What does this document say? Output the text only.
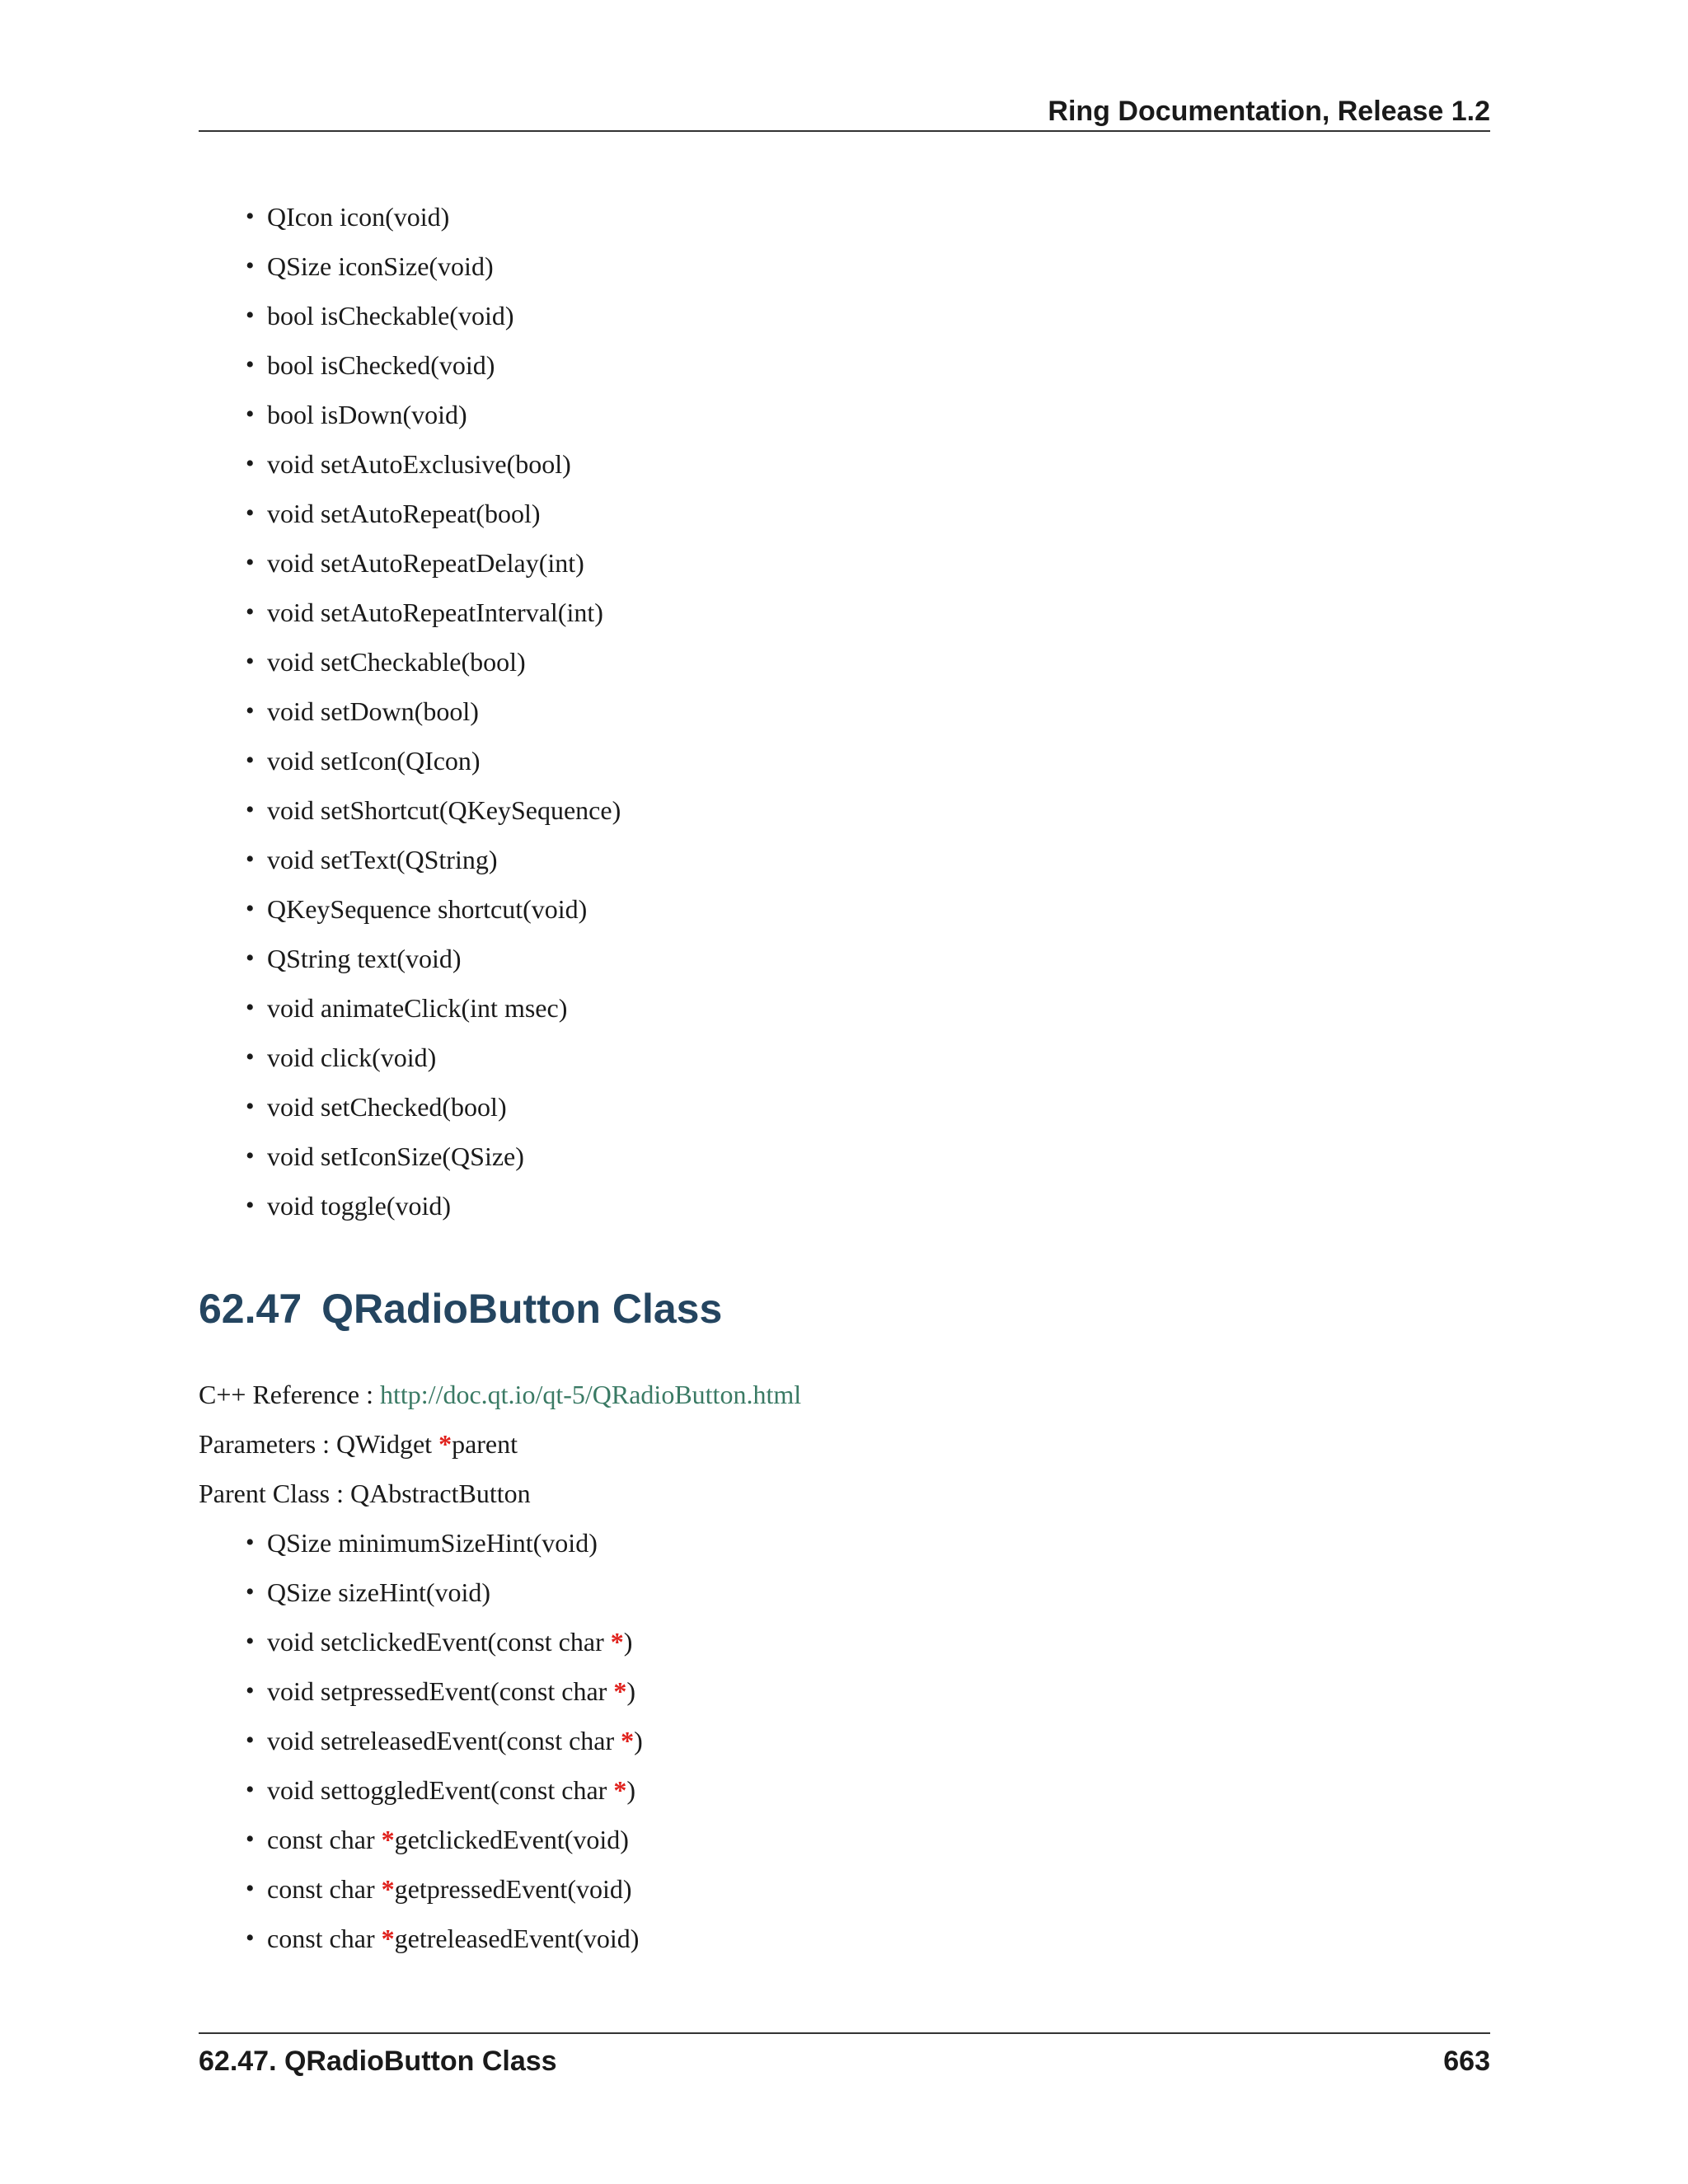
Ring Documentation, Release 1.2
• QIcon icon(void)
• QSize iconSize(void)
• bool isCheckable(void)
• bool isChecked(void)
• bool isDown(void)
• void setAutoExclusive(bool)
• void setAutoRepeat(bool)
• void setAutoRepeatDelay(int)
• void setAutoRepeatInterval(int)
• void setCheckable(bool)
• void setDown(bool)
• void setIcon(QIcon)
• void setShortcut(QKeySequence)
• void setText(QString)
• QKeySequence shortcut(void)
• QString text(void)
• void animateClick(int msec)
• void click(void)
• void setChecked(bool)
• void setIconSize(QSize)
• void toggle(void)
62.47 QRadioButton Class
C++ Reference : http://doc.qt.io/qt-5/QRadioButton.html
Parameters : QWidget *parent
Parent Class : QAbstractButton
• QSize minimumSizeHint(void)
• QSize sizeHint(void)
• void setclickedEvent(const char *)
• void setpressedEvent(const char *)
• void setreleasedEvent(const char *)
• void settoggledEvent(const char *)
• const char *getclickedEvent(void)
• const char *getpressedEvent(void)
• const char *getreleasedEvent(void)
62.47. QRadioButton Class	663
